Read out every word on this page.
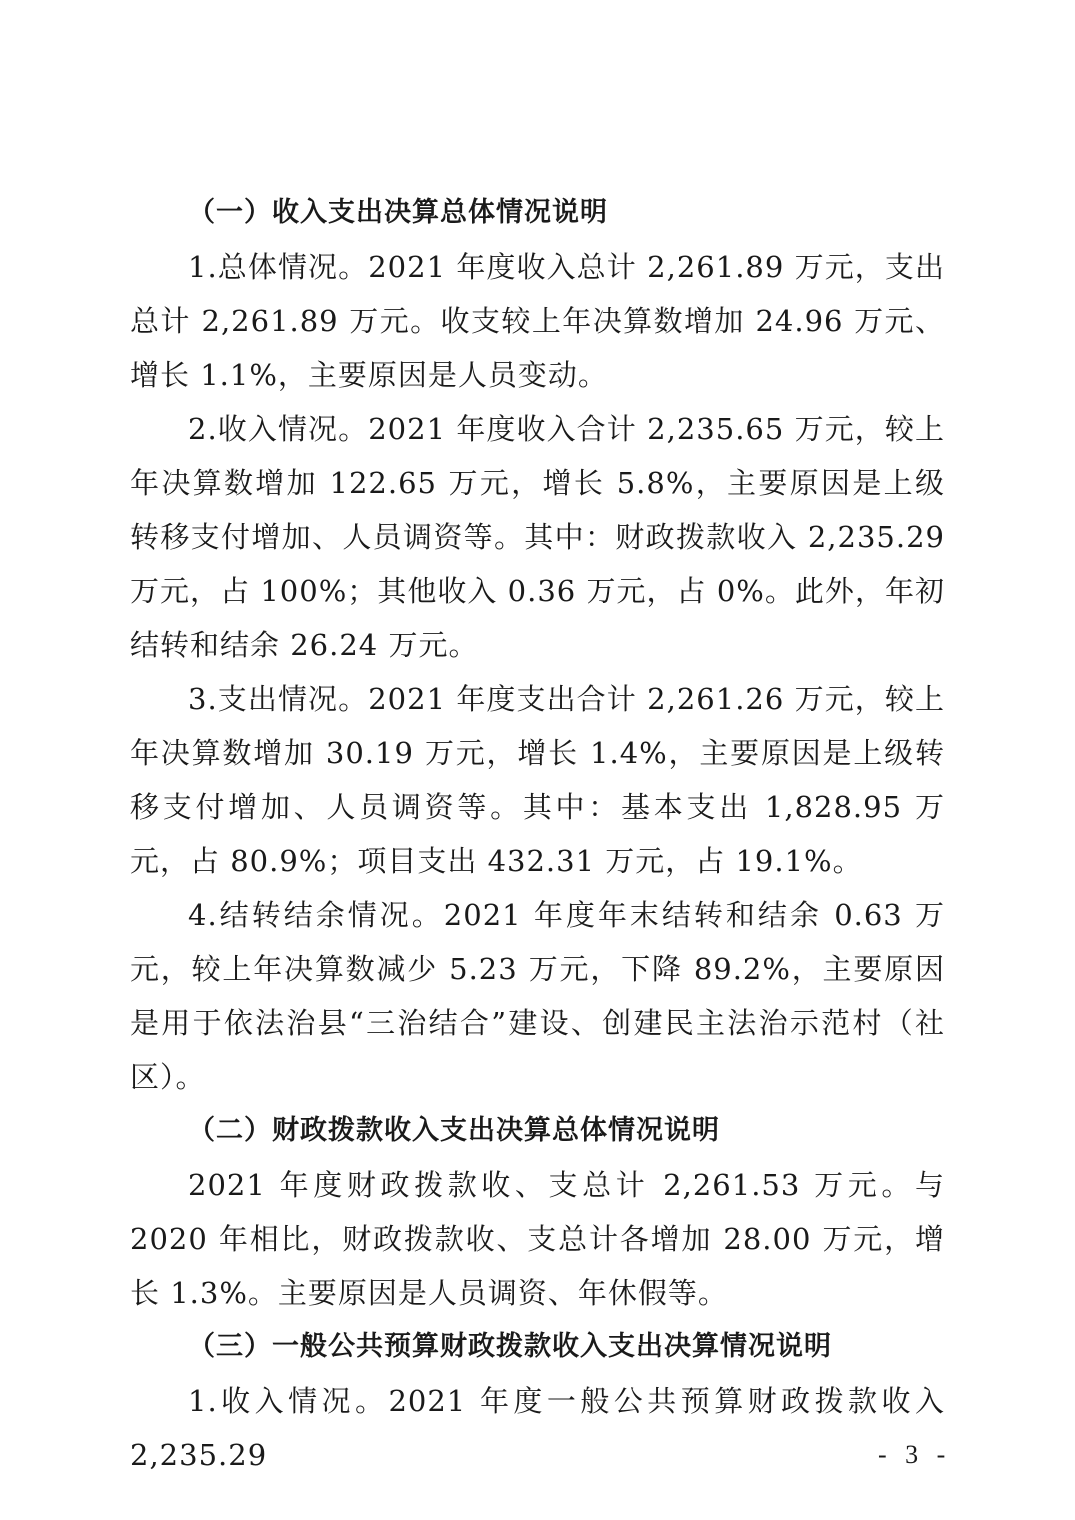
（一）收入支出决算总体情况说明

1.总体情况。2021 年度收入总计 2,261.89 万元，支出总计 2,261.89 万元。收支较上年决算数增加 24.96 万元、增长 1.1%，主要原因是人员变动。

2.收入情况。2021 年度收入合计 2,235.65 万元，较上年决算数增加 122.65 万元，增长 5.8%，主要原因是上级转移支付增加、人员调资等。其中：财政拨款收入 2,235.29 万元，占 100%；其他收入 0.36 万元，占 0%。此外，年初结转和结余 26.24 万元。

3.支出情况。2021 年度支出合计 2,261.26 万元，较上年决算数增加 30.19 万元，增长 1.4%，主要原因是上级转移支付增加、人员调资等。其中：基本支出 1,828.95 万元，占 80.9%；项目支出 432.31 万元，占 19.1%。

4.结转结余情况。2021 年度年末结转和结余 0.63 万元，较上年决算数减少 5.23 万元，下降 89.2%，主要原因是用于依法治县“三治结合”建设、创建民主法治示范村（社区）。

（二）财政拨款收入支出决算总体情况说明

2021 年度财政拨款收、支总计 2,261.53 万元。与 2020 年相比，财政拨款收、支总计各增加 28.00 万元，增长 1.3%。主要原因是人员调资、年休假等。

（三）一般公共预算财政拨款收入支出决算情况说明

1.收入情况。2021 年度一般公共预算财政拨款收入 2,235.29	- 3 -
